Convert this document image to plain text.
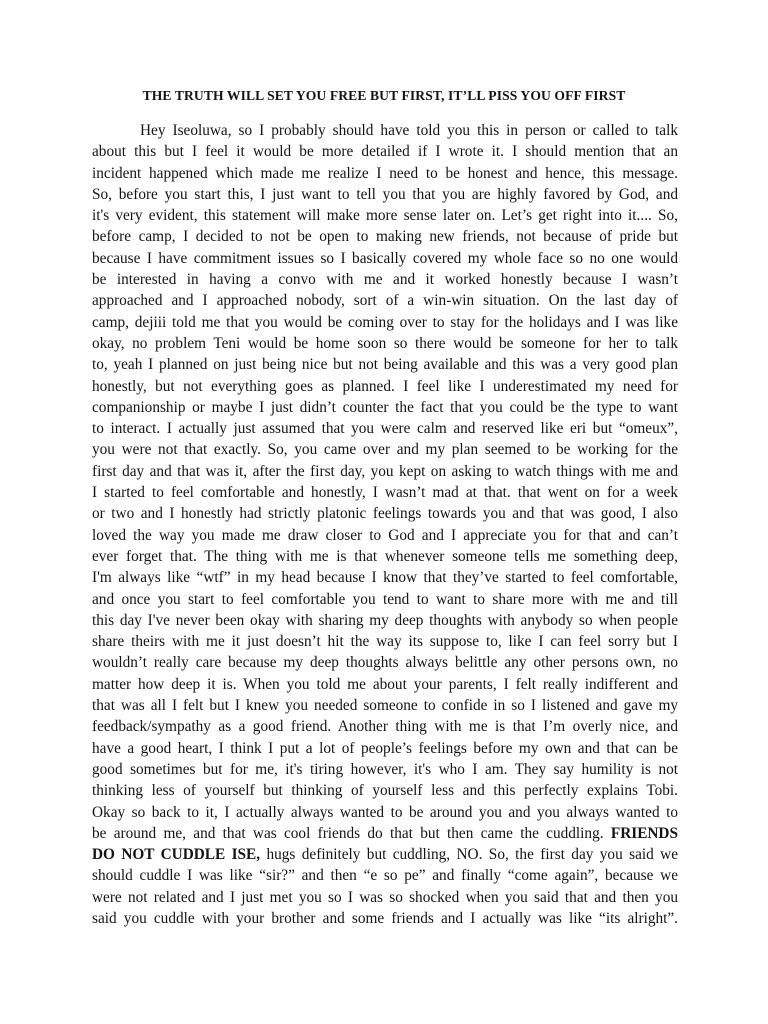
THE TRUTH WILL SET YOU FREE BUT FIRST, IT’LL PISS YOU OFF FIRST
Hey Iseoluwa, so I probably should have told you this in person or called to talk
about this but I feel it would be more detailed if I wrote it. I should mention that an
incident happened which made me realize I need to be honest and hence, this message.
So, before you start this, I just want to tell you that you are highly favored by God, and
it's very evident, this statement will make more sense later on. Let’s get right into it.... So,
before camp, I decided to not be open to making new friends, not because of pride but
because I have commitment issues so I basically covered my whole face so no one would
be interested in having a convo with me and it worked honestly because I wasn’t
approached and I approached nobody, sort of a win-win situation. On the last day of
camp, dejiii told me that you would be coming over to stay for the holidays and I was like
okay, no problem Teni would be home soon so there would be someone for her to talk
to, yeah I planned on just being nice but not being available and this was a very good plan
honestly, but not everything goes as planned. I feel like I underestimated my need for
companionship or maybe I just didn’t counter the fact that you could be the type to want
to interact. I actually just assumed that you were calm and reserved like eri but “omeux”,
you were not that exactly. So, you came over and my plan seemed to be working for the
first day and that was it, after the first day, you kept on asking to watch things with me and
I started to feel comfortable and honestly, I wasn’t mad at that. that went on for a week
or two and I honestly had strictly platonic feelings towards you and that was good, I also
loved the way you made me draw closer to God and I appreciate you for that and can’t
ever forget that. The thing with me is that whenever someone tells me something deep,
I'm always like “wtf” in my head because I know that they’ve started to feel comfortable,
and once you start to feel comfortable you tend to want to share more with me and till
this day I've never been okay with sharing my deep thoughts with anybody so when people
share theirs with me it just doesn’t hit the way its suppose to, like I can feel sorry but I
wouldn’t really care because my deep thoughts always belittle any other persons own, no
matter how deep it is. When you told me about your parents, I felt really indifferent and
that was all I felt but I knew you needed someone to confide in so I listened and gave my
feedback/sympathy as a good friend. Another thing with me is that I’m overly nice, and
have a good heart, I think I put a lot of people’s feelings before my own and that can be
good sometimes but for me, it's tiring however, it's who I am. They say humility is not
thinking less of yourself but thinking of yourself less and this perfectly explains Tobi.
Okay so back to it, I actually always wanted to be around you and you always wanted to
be around me, and that was cool friends do that but then came the cuddling. FRIENDS
DO NOT CUDDLE ISE, hugs definitely but cuddling, NO. So, the first day you said we
should cuddle I was like “sir?” and then “e so pe” and finally “come again”, because we
were not related and I just met you so I was so shocked when you said that and then you
said you cuddle with your brother and some friends and I actually was like “its alright”.
